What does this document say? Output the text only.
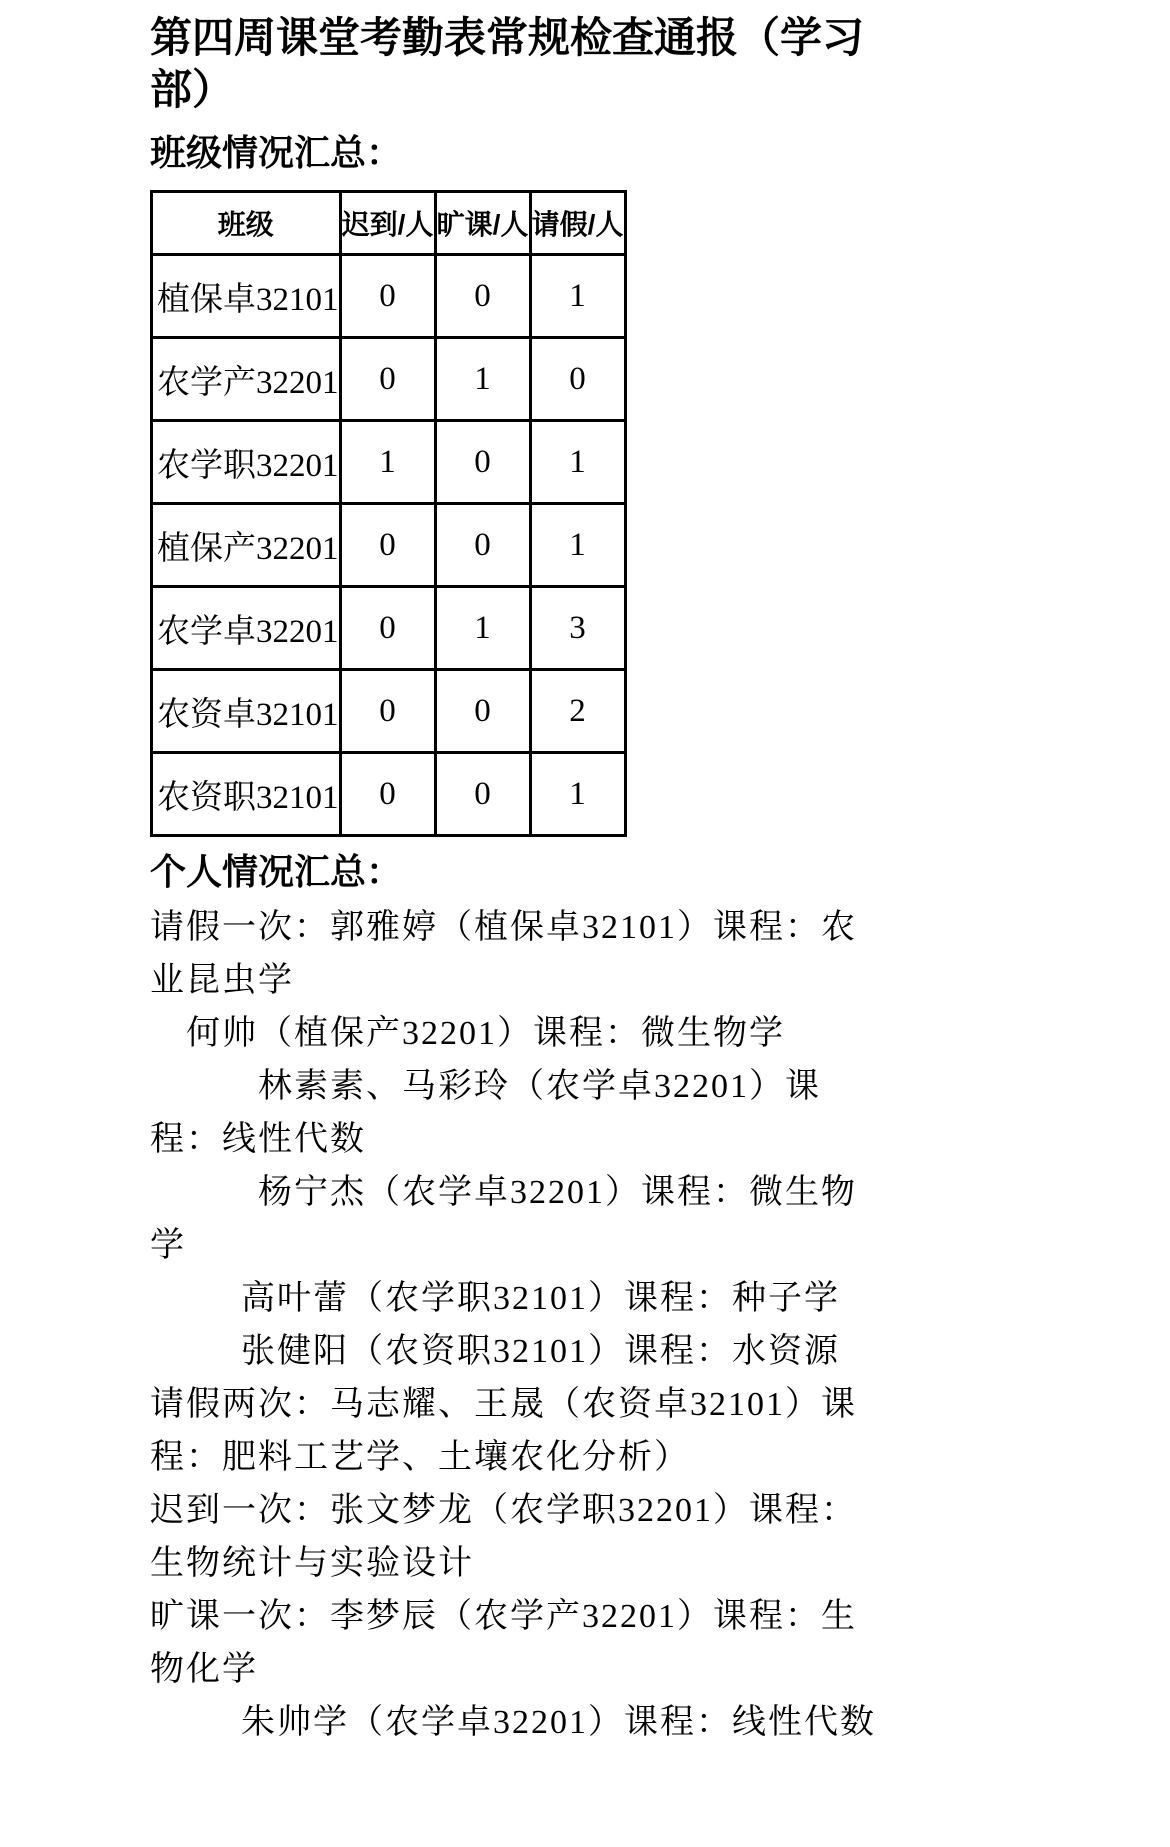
第四周课堂考勤表常规检查通报（学习部）
班级情况汇总：
班级	迟到/人	旷课/人	请假/人
植保卓32101	0	0	1
农学产32201	0	1	0
农学职32201	1	0	1
植保产32201	0	0	1
农学卓32201	0	1	3
农资卓32101	0	0	2
农资职32101	0	0	1
个人情况汇总：
请假一次：郭雅婷（植保卓32101）课程：农
业昆虫学
　何帅（植保产32201）课程：微生物学
　　　林素素、马彩玲（农学卓32201）课
程：线性代数
　　　杨宁杰（农学卓32201）课程：微生物
学
　　 高叶蕾（农学职32101）课程：种子学
　　 张健阳（农资职32101）课程：水资源
请假两次：马志耀、王晟（农资卓32101）课
程：肥料工艺学、土壤农化分析）
迟到一次：张文梦龙（农学职32201）课程：
生物统计与实验设计
旷课一次：李梦辰（农学产32201）课程：生
物化学
　　 朱帅学（农学卓32201）课程：线性代数
